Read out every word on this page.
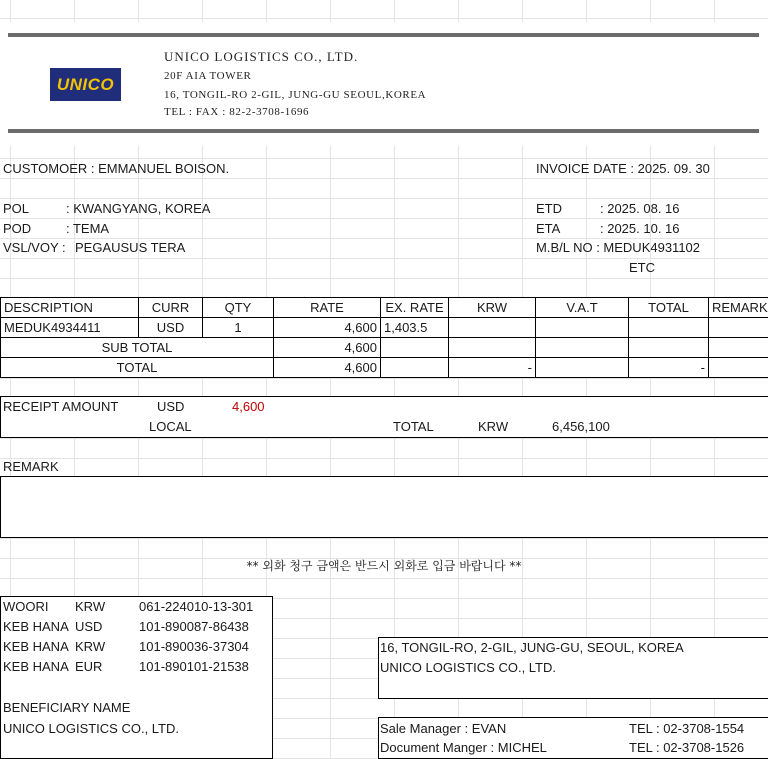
UNICO
UNICO LOGISTICS CO., LTD.
20F AIA TOWER
16, TONGIL-RO 2-GIL, JUNG-GU SEOUL,KOREA
TEL : FAX : 82-2-3708-1696
CUSTOMOER : EMMANUEL BOISON.	INVOICE DATE : 2025. 09. 30
POL	: KWANGYANG, KOREA
POD	: TEMA
VSL/VOY : PEGAUSUS TERA
ETD	: 2025. 08. 16
ETA	: 2025. 10. 16
M.B/L NO : MEDUK4931102
ETC
DESCRIPTION	CURR	QTY	RATE	EX. RATE	KRW	V.A.T	TOTAL	REMARK
MEDUK4934411	USD	1	4,600	1,403.5				
SUB TOTAL			4,600					
TOTAL			4,600		-		-	
RECEIPT AMOUNT	USD	4,600
LOCAL	TOTAL	KRW	6,456,100
REMARK
** 외화 청구 금액은 반드시 외화로 입금 바랍니다 **
WOORI KRW	061-224010-13-301
KEB HANA USD	101-890087-86438
KEB HANA KRW	101-890036-37304
KEB HANA EUR	101-890101-21538
BENEFICIARY NAME
UNICO LOGISTICS CO., LTD.
16, TONGIL-RO, 2-GIL, JUNG-GU, SEOUL, KOREA
UNICO LOGISTICS CO., LTD.
Sale Manager : EVAN	TEL : 02-3708-1554
Document Manger : MICHEL	TEL : 02-3708-1526
